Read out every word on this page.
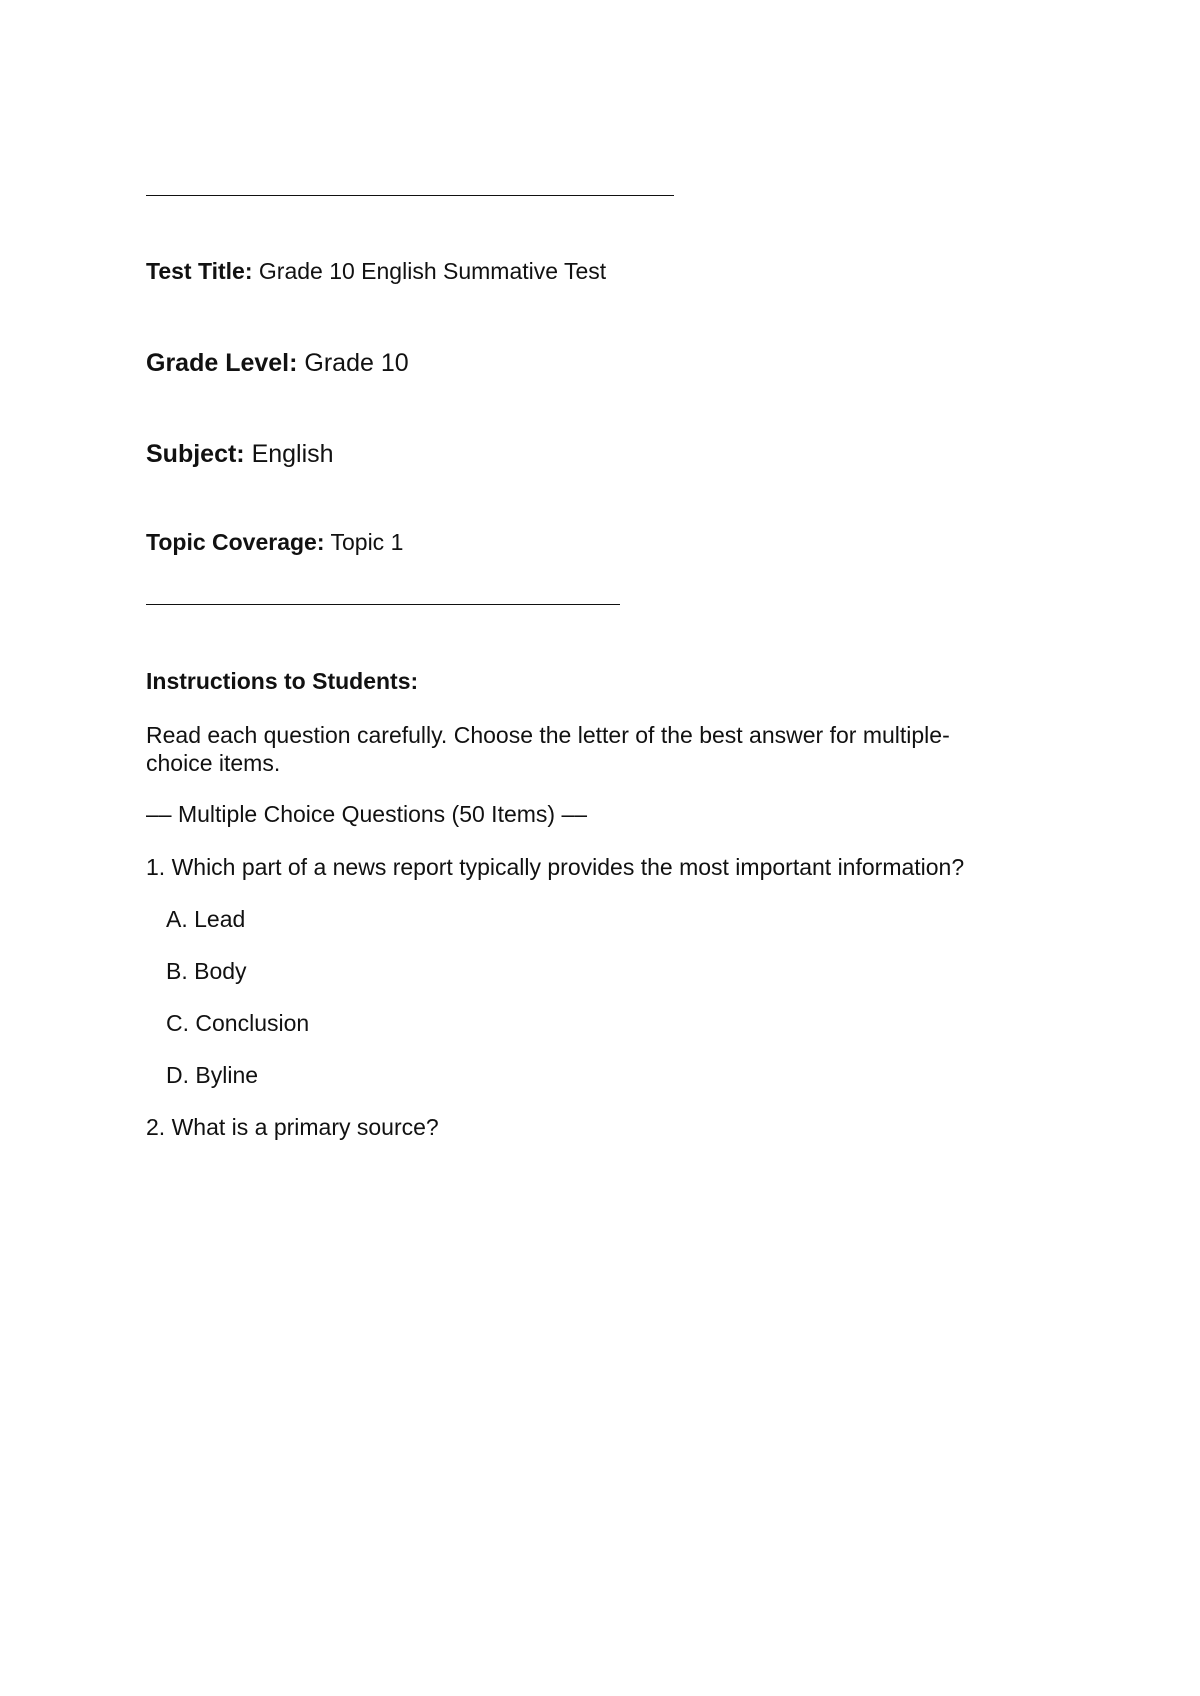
Test Title: Grade 10 English Summative Test
Grade Level: Grade 10
Subject: English
Topic Coverage: Topic 1
Instructions to Students:
Read each question carefully. Choose the letter of the best answer for multiple-choice items.
–– Multiple Choice Questions (50 Items) ––
1. Which part of a news report typically provides the most important information?
A. Lead
B. Body
C. Conclusion
D. Byline
2. What is a primary source?
